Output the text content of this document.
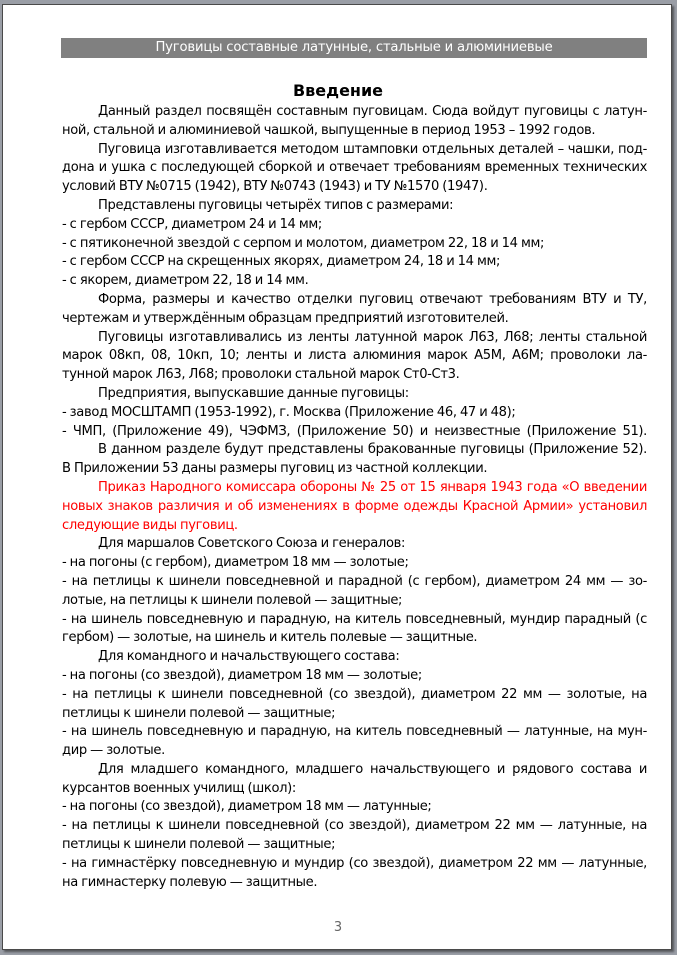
Пуговицы составные латунные, стальные и алюминиевые
Введение
Данный раздел посвящён составным пуговицам. Сюда войдут пуговицы с латун-
ной, стальной и алюминиевой чашкой, выпущенные в период 1953 – 1992 годов.
Пуговица изготавливается методом штамповки отдельных деталей – чашки, под-
дона и ушка с последующей сборкой и отвечает требованиям временных технических
условий ВТУ №0715 (1942), ВТУ №0743 (1943) и ТУ №1570 (1947).
Представлены пуговицы четырёх типов с размерами:
- с гербом СССР, диаметром 24 и 14 мм;
- с пятиконечной звездой с серпом и молотом, диаметром 22, 18 и 14 мм;
- с гербом СССР на скрещенных якорях, диаметром 24, 18 и 14 мм;
- с якорем, диаметром 22, 18 и 14 мм.
Форма, размеры и качество отделки пуговиц отвечают требованиям ВТУ и ТУ,
чертежам и утверждённым образцам предприятий изготовителей.
Пуговицы изготавливались из ленты латунной марок Л63, Л68; ленты стальной
марок 08кп, 08, 10кп, 10; ленты и листа алюминия марок А5М, А6М; проволоки ла-
тунной марок Л63, Л68; проволоки стальной марок Ст0-Ст3.
Предприятия, выпускавшие данные пуговицы:
- завод МОСШТАМП (1953-1992), г. Москва (Приложение 46, 47 и 48);
- ЧМП, (Приложение 49), ЧЭФМЗ, (Приложение 50) и неизвестные (Приложение 51).
В данном разделе будут представлены бракованные пуговицы (Приложение 52).
В Приложении 53 даны размеры пуговиц из частной коллекции.
Приказ Народного комиссара обороны № 25 от 15 января 1943 года «О введении
новых знаков различия и об изменениях в форме одежды Красной Армии» установил
следующие виды пуговиц.
Для маршалов Советского Союза и генералов:
- на погоны (с гербом), диаметром 18 мм — золотые;
- на петлицы к шинели повседневной и парадной (с гербом), диаметром 24 мм — зо-
лотые, на петлицы к шинели полевой — защитные;
- на шинель повседневную и парадную, на китель повседневный, мундир парадный (с
гербом) — золотые, на шинель и китель полевые — защитные.
Для командного и начальствующего состава:
- на погоны (со звездой), диаметром 18 мм — золотые;
- на петлицы к шинели повседневной (со звездой), диаметром 22 мм — золотые, на
петлицы к шинели полевой — защитные;
- на шинель повседневную и парадную, на китель повседневный — латунные, на мун-
дир — золотые.
Для младшего командного, младшего начальствующего и рядового состава и
курсантов военных училищ (школ):
- на погоны (со звездой), диаметром 18 мм — латунные;
- на петлицы к шинели повседневной (со звездой), диаметром 22 мм — латунные, на
петлицы к шинели полевой — защитные;
- на гимнастёрку повседневную и мундир (со звездой), диаметром 22 мм — латунные,
на гимнастерку полевую — защитные.
3
